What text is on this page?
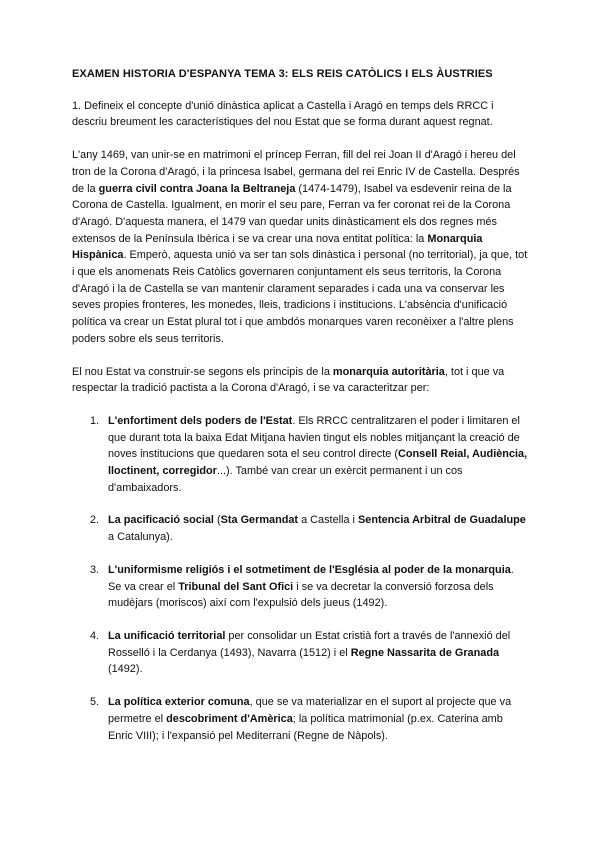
EXAMEN HISTORIA D'ESPANYA TEMA 3: ELS REIS CATÒLICS I ELS ÀUSTRIES

1. Defineix el concepte d'unió dinàstica aplicat a Castella i Aragó en temps dels RRCC i descriu breument les característiques del nou Estat que se forma durant aquest regnat.

L'any 1469, van unir-se en matrimoni el príncep Ferran, fill del rei Joan II d'Aragó i hereu del tron de la Corona d'Aragó, i la princesa Isabel, germana del rei Enric IV de Castella. Després de la guerra civil contra Joana la Beltraneja (1474-1479), Isabel va esdevenir reina de la Corona de Castella. Igualment, en morir el seu pare, Ferran va fer coronat rei de la Corona d'Aragó. D'aquesta manera, el 1479 van quedar units dinàsticament els dos regnes més extensos de la Península Ibèrica i se va crear una nova entitat política: la Monarquia Hispànica. Emperò, aquesta unió va ser tan sols dinàstica i personal (no territorial), ja que, tot i que els anomenats Reis Catòlics governaren conjuntament els seus territoris, la Corona d'Aragó i la de Castella se van mantenir clarament separades i cada una va conservar les seves propies fronteres, les monedes, lleis, tradicions i institucions. L'absència d'unificació política va crear un Estat plural tot i que ambdós monarques varen reconèixer a l'altre plens poders sobre els seus territoris.

El nou Estat va construir-se segons els principis de la monarquia autoritària, tot i que va respectar la tradició pactista a la Corona d'Aragó, i se va caracteritzar per:

1. L'enfortiment dels poders de l'Estat. Els RRCC centralitzaren el poder i limitaren el que durant tota la baixa Edat Mitjana havien tingut els nobles mitjançant la creació de noves institucions que quedaren sota el seu control directe (Consell Reial, Audiència, lloctinent, corregidor...). També van crear un exèrcit permanent i un cos d'ambaixadors.
2. La pacificació social (Sta Germandat a Castella i Sentencia Arbitral de Guadalupe a Catalunya).
3. L'uniformisme religiós i el sotmetiment de l'Església al poder de la monarquia. Se va crear el Tribunal del Sant Ofici i se va decretar la conversió forzosa dels mudèjars (moriscos) així com l'expulsió dels jueus (1492).
4. La unificació territorial per consolidar un Estat cristià fort a través de l'annexió del Rosselló i la Cerdanya (1493), Navarra (1512) i el Regne Nassarita de Granada (1492).
5. La política exterior comuna, que se va materializar en el suport al projecte que va permetre el descobriment d'Amèrica; la política matrimonial (p.ex. Caterina amb Enric VIII); i l'expansió pel Mediterrani (Regne de Nàpols).
